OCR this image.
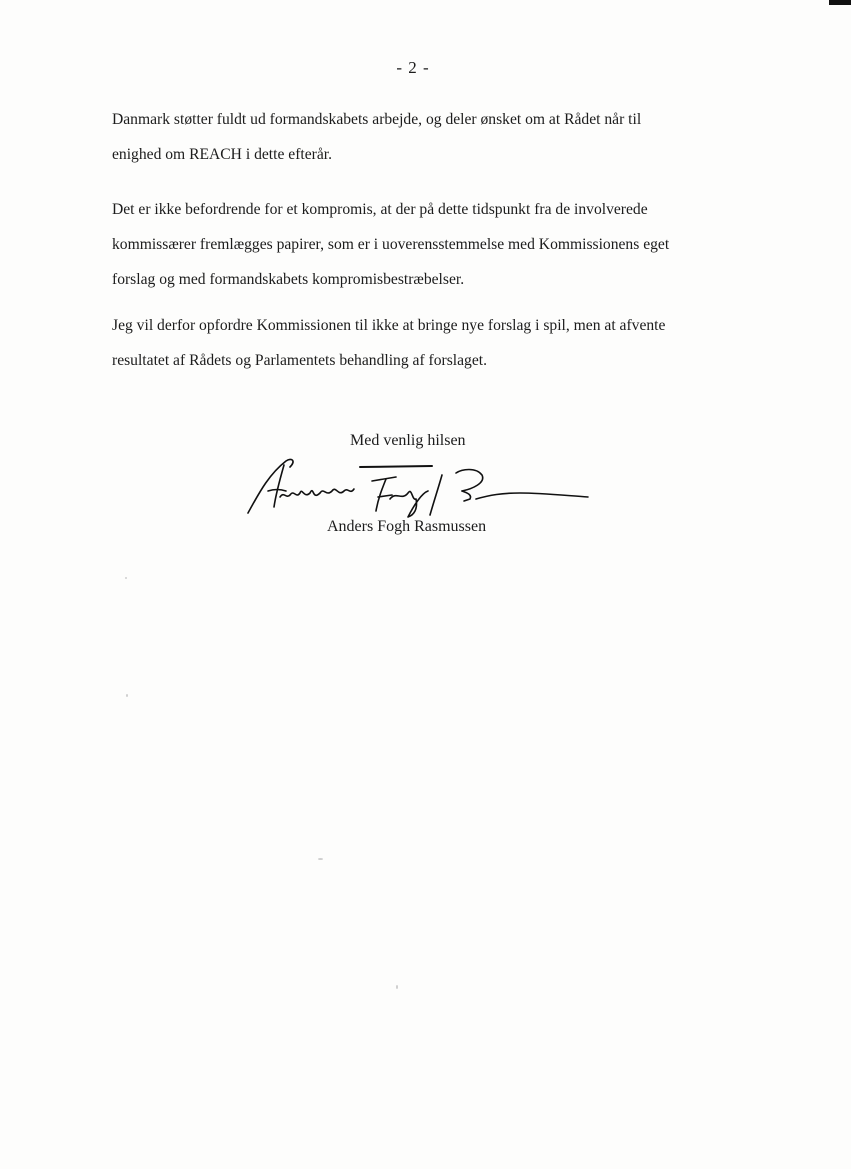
- 2 -

Danmark støtter fuldt ud formandskabets arbejde, og deler ønsket om at Rådet når til
enighed om REACH i dette efterår.

Det er ikke befordrende for et kompromis, at der på dette tidspunkt fra de involverede
kommissærer fremlægges papirer, som er i uoverensstemmelse med Kommissionens eget
forslag og med formandskabets kompromisbestræbelser.

Jeg vil derfor opfordre Kommissionen til ikke at bringe nye forslag i spil, men at afvente
resultatet af Rådets og Parlamentets behandling af forslaget.

Med venlig hilsen
Anders Fogh Rasmussen
